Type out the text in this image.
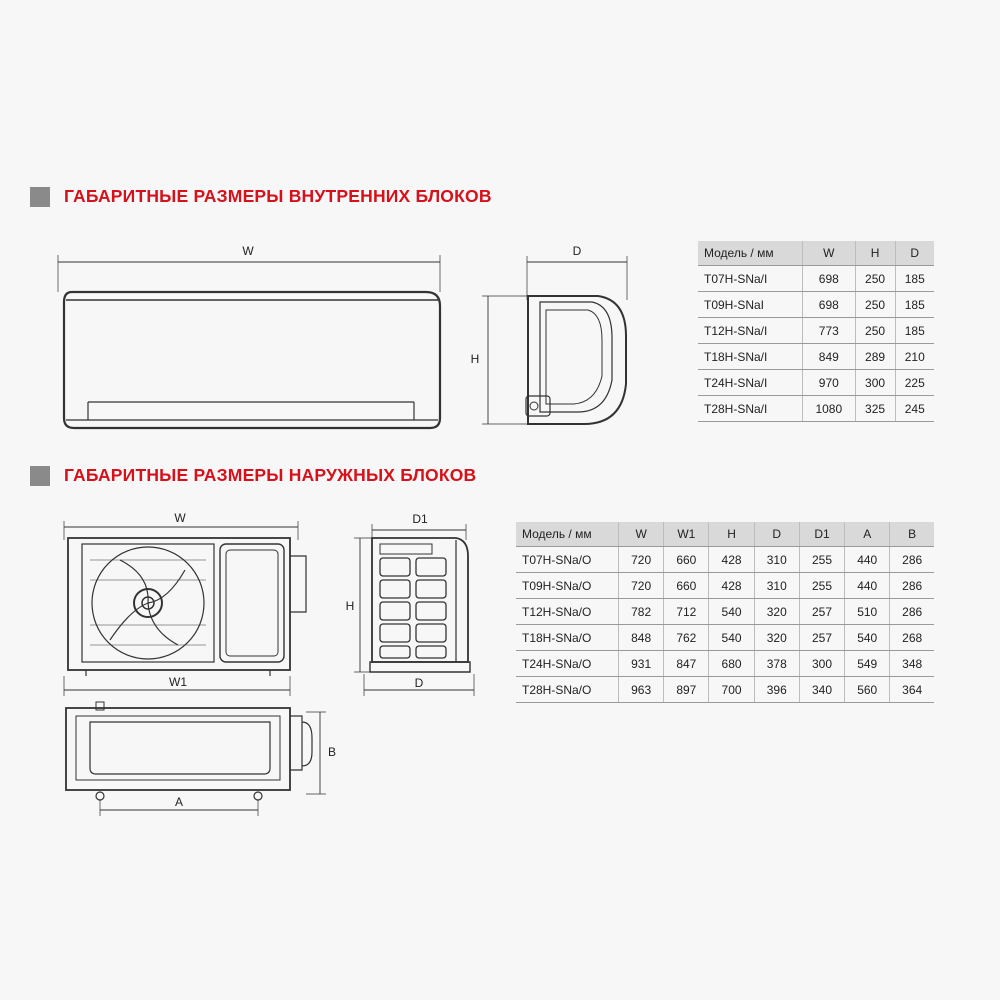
ГАБАРИТНЫЕ РАЗМЕРЫ ВНУТРЕННИХ БЛОКОВ
ГАБАРИТНЫЕ РАЗМЕРЫ НАРУЖНЫХ БЛОКОВ
W	D
H
W
W1
D1
D
H
A
B
Модель / мм	W	H	D
T07H-SNa/I	698	250	185
T09H-SNaI	698	250	185
T12H-SNa/I	773	250	185
T18H-SNa/I	849	289	210
T24H-SNa/I	970	300	225
T28H-SNa/I	1080	325	245
Модель / мм	W	W1	H	D	D1	A	B
T07H-SNa/O	720	660	428	310	255	440	286
T09H-SNa/O	720	660	428	310	255	440	286
T12H-SNa/O	782	712	540	320	257	510	286
T18H-SNa/O	848	762	540	320	257	540	268
T24H-SNa/O	931	847	680	378	300	549	348
T28H-SNa/O	963	897	700	396	340	560	364
